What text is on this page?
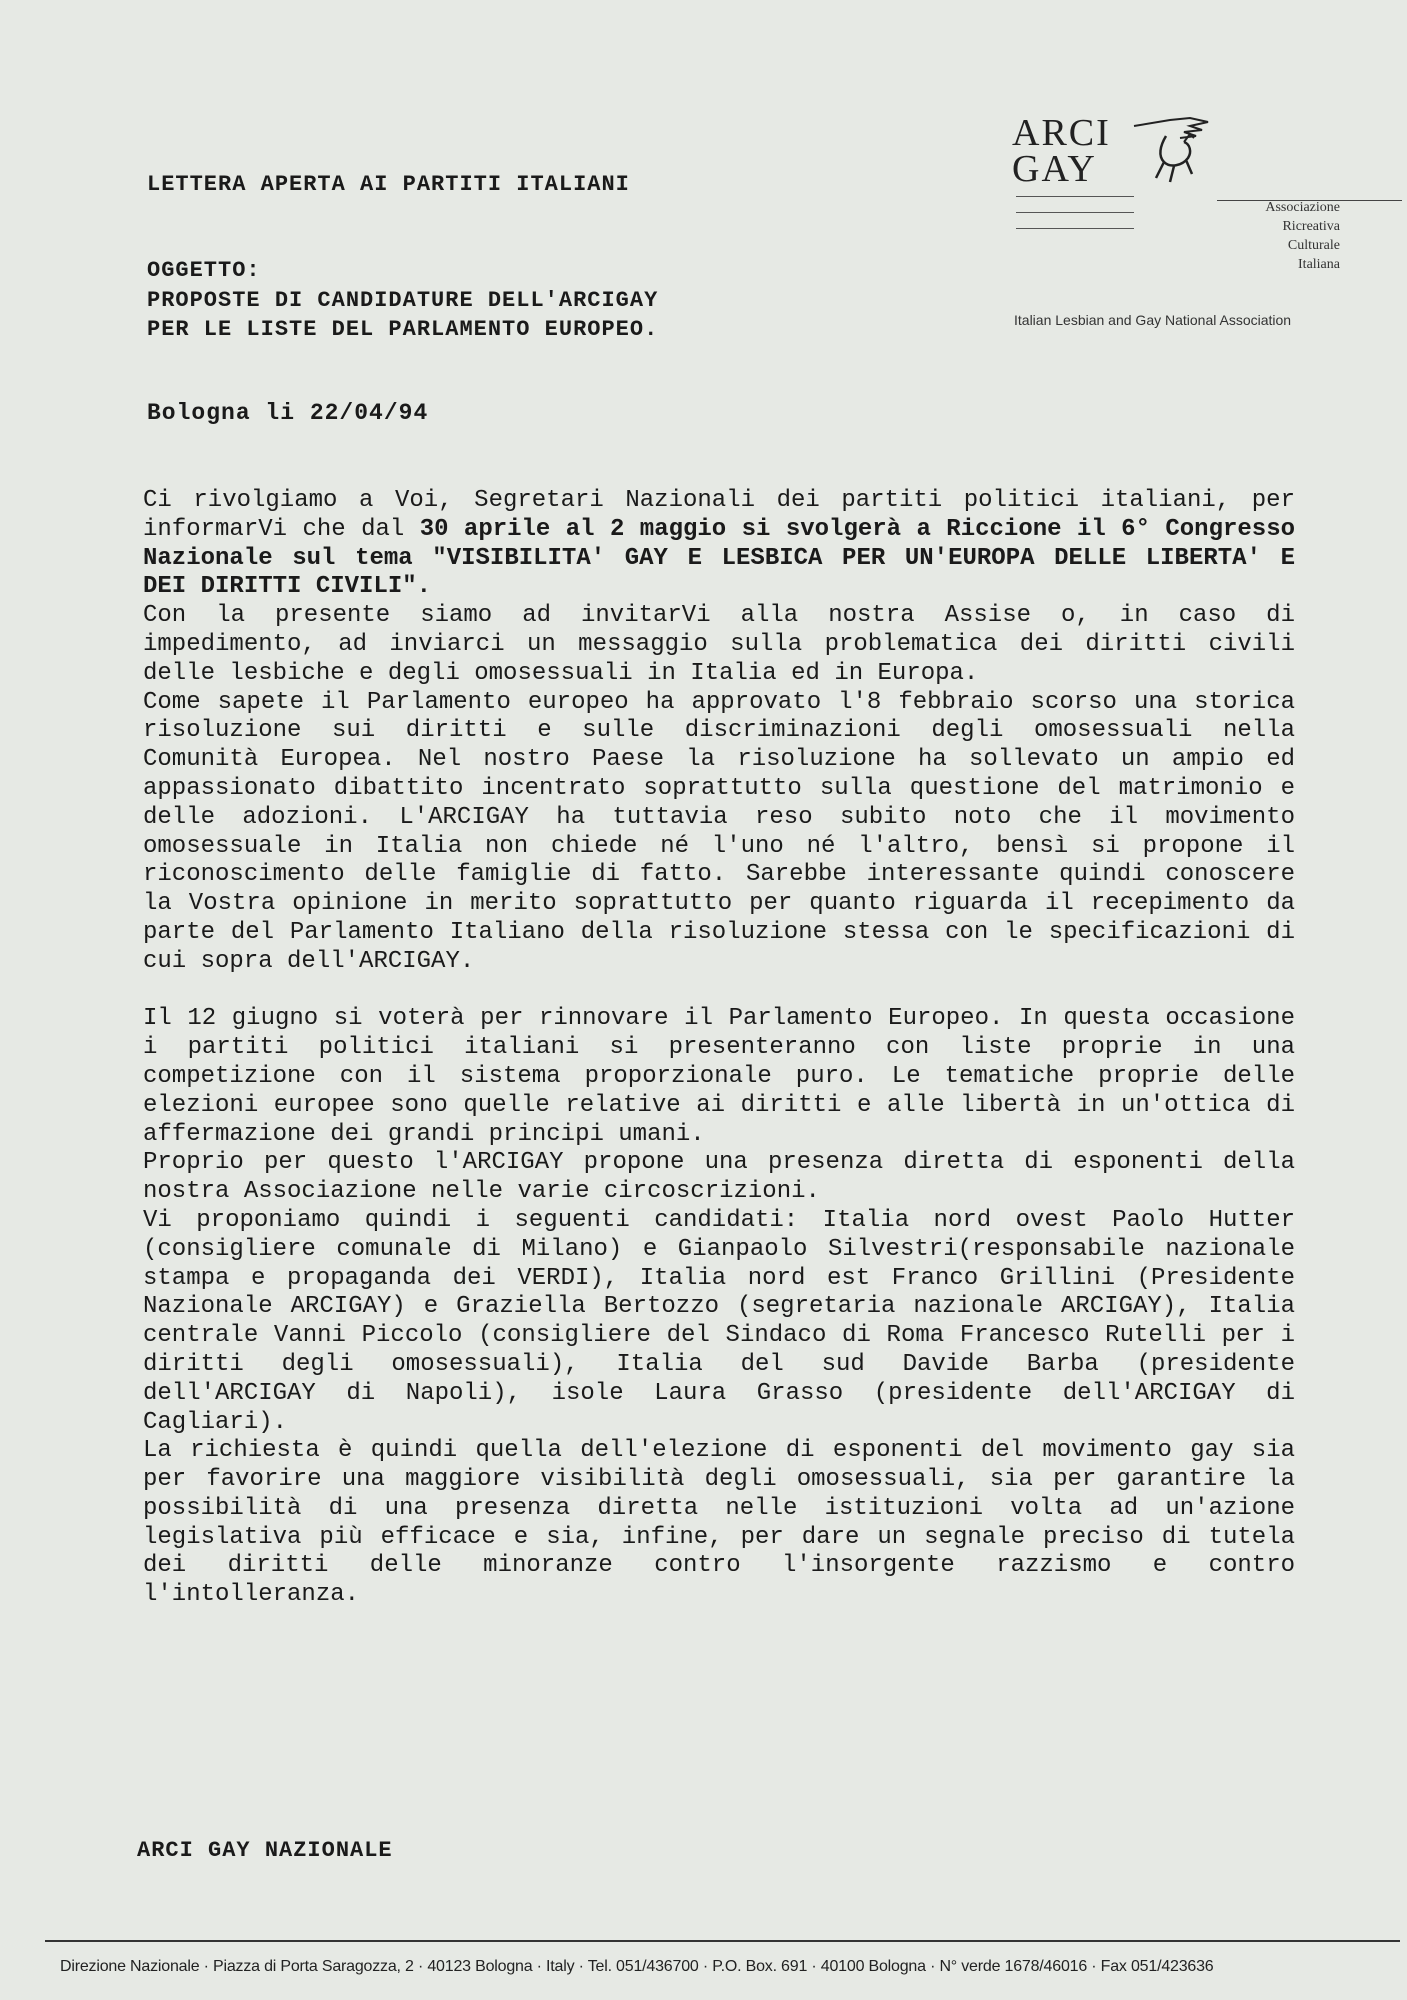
LETTERA APERTA AI PARTITI ITALIANI
ARCI
GAY
Associazione
Ricreativa
Culturale
Italiana
Italian Lesbian and Gay National Association

OGGETTO:

PROPOSTE DI CANDIDATURE DELL'ARCIGAY

PER LE LISTE DEL PARLAMENTO EUROPEO.

Bologna li 22/04/94

Ci rivolgiamo a Voi, Segretari Nazionali dei partiti politici italiani, per informarVi che dal 30 aprile al 2 maggio si svolgerà a Riccione il 6° Congresso Nazionale sul tema "VISIBILITA' GAY E LESBICA PER UN'EUROPA DELLE LIBERTA' E DEI DIRITTI CIVILI".

Con la presente siamo ad invitarVi alla nostra Assise o, in caso di impedimento, ad inviarci un messaggio sulla problematica dei diritti civili delle lesbiche e degli omosessuali in Italia ed in Europa.

Come sapete il Parlamento europeo ha approvato l'8 febbraio scorso una storica risoluzione sui diritti e sulle discriminazioni degli omosessuali nella Comunità Europea. Nel nostro Paese la risoluzione ha sollevato un ampio ed appassionato dibattito incentrato soprattutto sulla questione del matrimonio e delle adozioni. L'ARCIGAY ha tuttavia reso subito noto che il movimento omosessuale in Italia non chiede né l'uno né l'altro, bensì si propone il riconoscimento delle famiglie di fatto. Sarebbe interessante quindi conoscere la Vostra opinione in merito soprattutto per quanto riguarda il recepimento da parte del Parlamento Italiano della risoluzione stessa con le specificazioni di cui sopra dell'ARCIGAY.

Il 12 giugno si voterà per rinnovare il Parlamento Europeo. In questa occasione i partiti politici italiani si presenteranno con liste proprie in una competizione con il sistema proporzionale puro. Le tematiche proprie delle elezioni europee sono quelle relative ai diritti e alle libertà in un'ottica di affermazione dei grandi principi umani.

Proprio per questo l'ARCIGAY propone una presenza diretta di esponenti della nostra Associazione nelle varie circoscrizioni.

Vi proponiamo quindi i seguenti candidati: Italia nord ovest Paolo Hutter (consigliere comunale di Milano) e Gianpaolo Silvestri(responsabile nazionale stampa e propaganda dei VERDI), Italia nord est Franco Grillini (Presidente Nazionale ARCIGAY) e Graziella Bertozzo (segretaria nazionale ARCIGAY), Italia centrale Vanni Piccolo (consigliere del Sindaco di Roma Francesco Rutelli per i diritti degli omosessuali), Italia del sud Davide Barba (presidente dell'ARCIGAY di Napoli), isole Laura Grasso (presidente dell'ARCIGAY di Cagliari).

La richiesta è quindi quella dell'elezione di esponenti del movimento gay sia per favorire una maggiore visibilità degli omosessuali, sia per garantire la possibilità di una presenza diretta nelle istituzioni volta ad un'azione legislativa più efficace e sia, infine, per dare un segnale preciso di tutela dei diritti delle minoranze contro l'insorgente razzismo e contro l'intolleranza.

ARCI GAY NAZIONALE

Direzione Nazionale · Piazza di Porta Saragozza, 2 · 40123 Bologna · Italy · Tel. 051/436700 · P.O. Box. 691 · 40100 Bologna · N° verde 1678/46016 · Fax 051/423636
